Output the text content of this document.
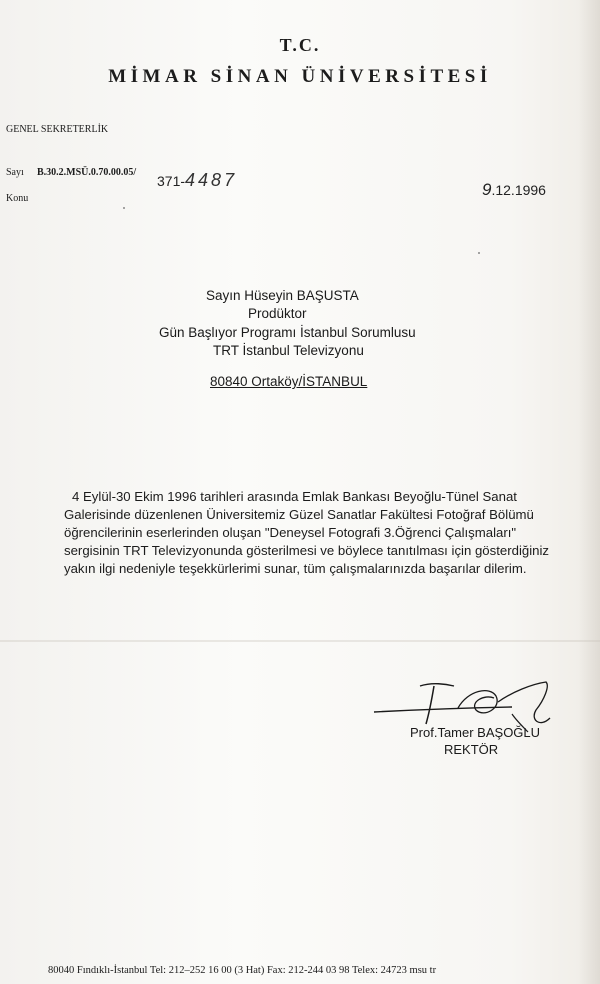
T.C.
MİMAR SİNAN ÜNİVERSİTESİ
GENEL SEKRETERLİK
Sayı B.30.2.MSÜ.0.70.00.05/
Konu
371-4487	9.12.1996
Sayın Hüseyin BAŞUSTA
Prodüktor
Gün Başlıyor Programı İstanbul Sorumlusu
TRT İstanbul Televizyonu
80840 Ortaköy/İSTANBUL
4 Eylül-30 Ekim 1996 tarihleri arasında Emlak Bankası Beyoğlu-Tünel Sanat
Galerisinde düzenlenen Üniversitemiz Güzel Sanatlar Fakültesi Fotoğraf Bölümü
öğrencilerinin eserlerinden oluşan "Deneysel Fotografi 3.Öğrenci Çalışmaları"
sergisinin TRT Televizyonunda gösterilmesi ve böylece tanıtılması için gösterdiğiniz
yakın ilgi nedeniyle teşekkürlerimi sunar, tüm çalışmalarınızda başarılar dilerim.
Prof.Tamer BAŞOĞLU
REKTÖR
80040 Fındıklı-İstanbul Tel: 212–252 16 00 (3 Hat) Fax: 212-244 03 98 Telex: 24723 msu tr
